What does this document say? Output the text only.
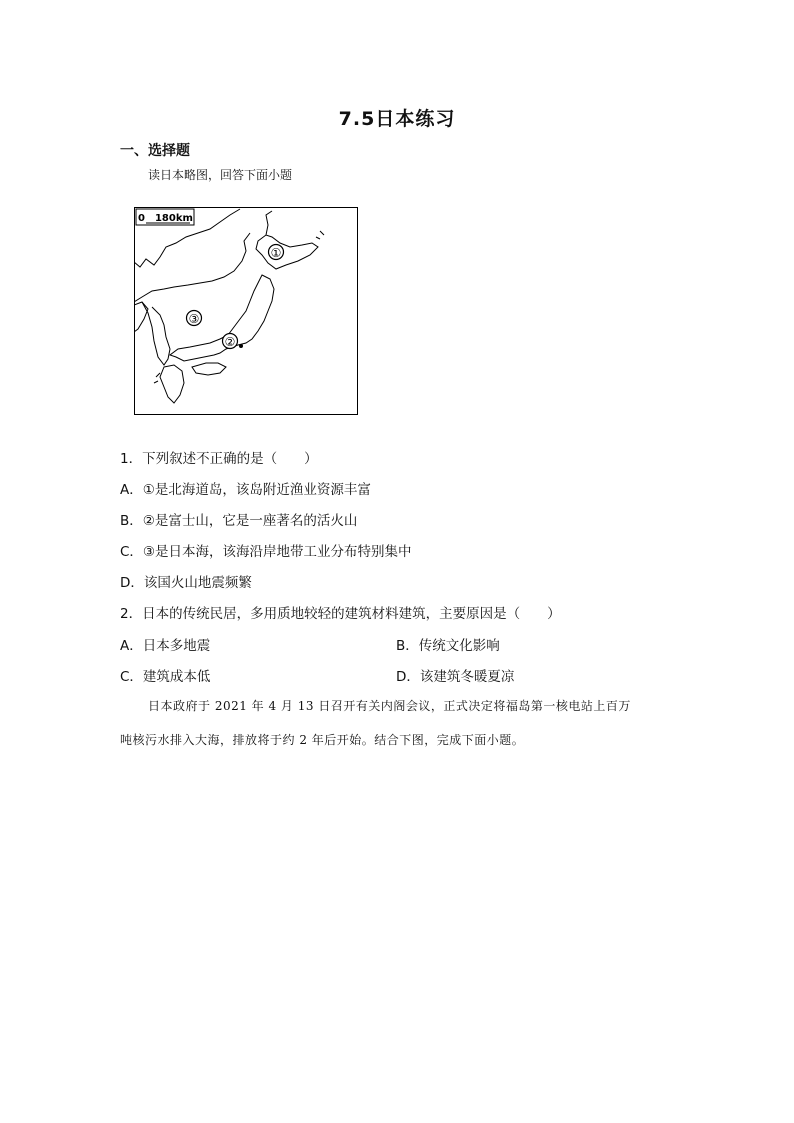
7.5日本练习
一、选择题
读日本略图，回答下面小题
0　180km
①
③
②
1．下列叙述不正确的是（　　）
A．①是北海道岛，该岛附近渔业资源丰富
B．②是富士山，它是一座著名的活火山
C．③是日本海，该海沿岸地带工业分布特别集中
D．该国火山地震频繁
2．日本的传统民居，多用质地较轻的建筑材料建筑，主要原因是（　　）
A．日本多地震	B．传统文化影响
C．建筑成本低	D．该建筑冬暖夏凉
日本政府于 2021 年 4 月 13 日召开有关内阁会议，正式决定将福岛第一核电站上百万
吨核污水排入大海，排放将于约 2 年后开始。结合下图，完成下面小题。
